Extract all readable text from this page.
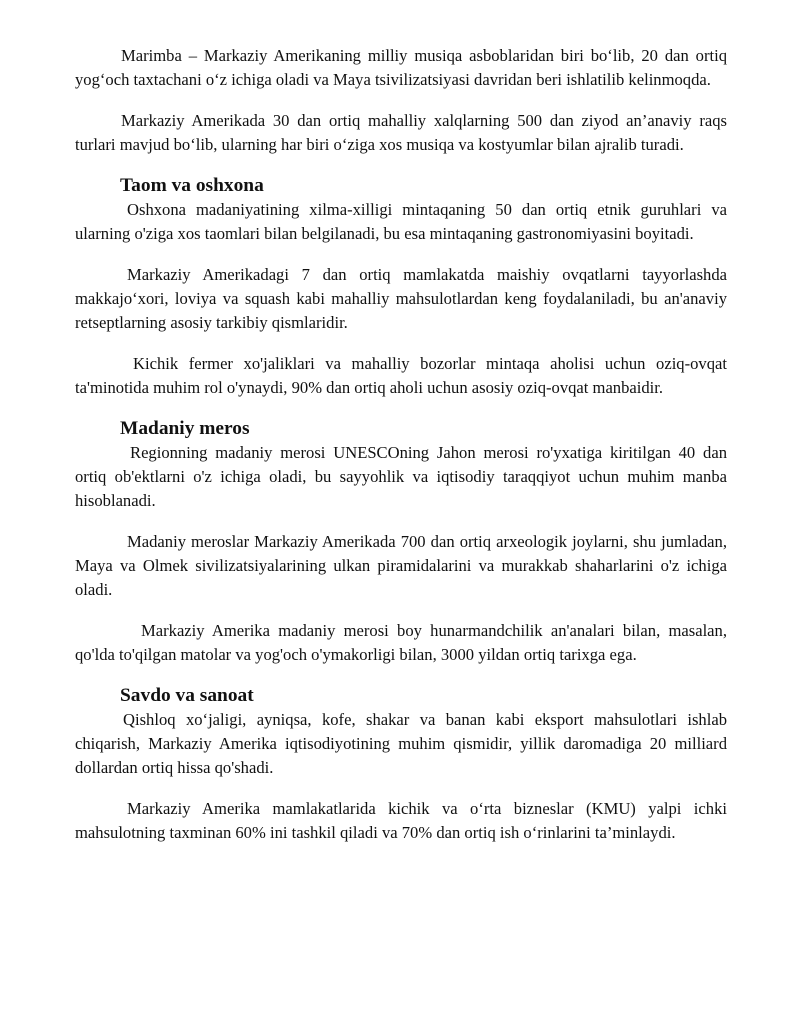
Marimba – Markaziy Amerikaning milliy musiqa asboblaridan biri bo‘lib, 20 dan ortiq yog‘och taxtachani o‘z ichiga oladi va Maya tsivilizatsiyasi davridan beri ishlatilib kelinmoqda.

Markaziy Amerikada 30 dan ortiq mahalliy xalqlarning 500 dan ziyod an’anaviy raqs turlari mavjud bo‘lib, ularning har biri o‘ziga xos musiqa va kostyumlar bilan ajralib turadi.

Taom va oshxona

Oshxona madaniyatining xilma-xilligi mintaqaning 50 dan ortiq etnik guruhlari va ularning o'ziga xos taomlari bilan belgilanadi, bu esa mintaqaning gastronomiyasini boyitadi.

Markaziy Amerikadagi 7 dan ortiq mamlakatda maishiy ovqatlarni tayyorlashda makkajo‘xori, loviya va squash kabi mahalliy mahsulotlardan keng foydalaniladi, bu an'anaviy retseptlarning asosiy tarkibiy qismlaridir.

Kichik fermer xo'jaliklari va mahalliy bozorlar mintaqa aholisi uchun oziq-ovqat ta'minotida muhim rol o'ynaydi, 90% dan ortiq aholi uchun asosiy oziq-ovqat manbaidir.

Madaniy meros

Regionning madaniy merosi UNESCOning Jahon merosi ro'yxatiga kiritilgan 40 dan ortiq ob'ektlarni o'z ichiga oladi, bu sayyohlik va iqtisodiy taraqqiyot uchun muhim manba hisoblanadi.

Madaniy meroslar Markaziy Amerikada 700 dan ortiq arxeologik joylarni, shu jumladan, Maya va Olmek sivilizatsiyalarining ulkan piramidalarini va murakkab shaharlarini o'z ichiga oladi.

Markaziy Amerika madaniy merosi boy hunarmandchilik an'analari bilan, masalan, qo'lda to'qilgan matolar va yog'och o'ymakorligi bilan, 3000 yildan ortiq tarixga ega.

Savdo va sanoat

Qishloq xo‘jaligi, ayniqsa, kofe, shakar va banan kabi eksport mahsulotlari ishlab chiqarish, Markaziy Amerika iqtisodiyotining muhim qismidir, yillik daromadiga 20 milliard dollardan ortiq hissa qo'shadi.

Markaziy Amerika mamlakatlarida kichik va o‘rta bizneslar (KMU) yalpi ichki mahsulotning taxminan 60% ini tashkil qiladi va 70% dan ortiq ish o‘rinlarini ta’minlaydi.
